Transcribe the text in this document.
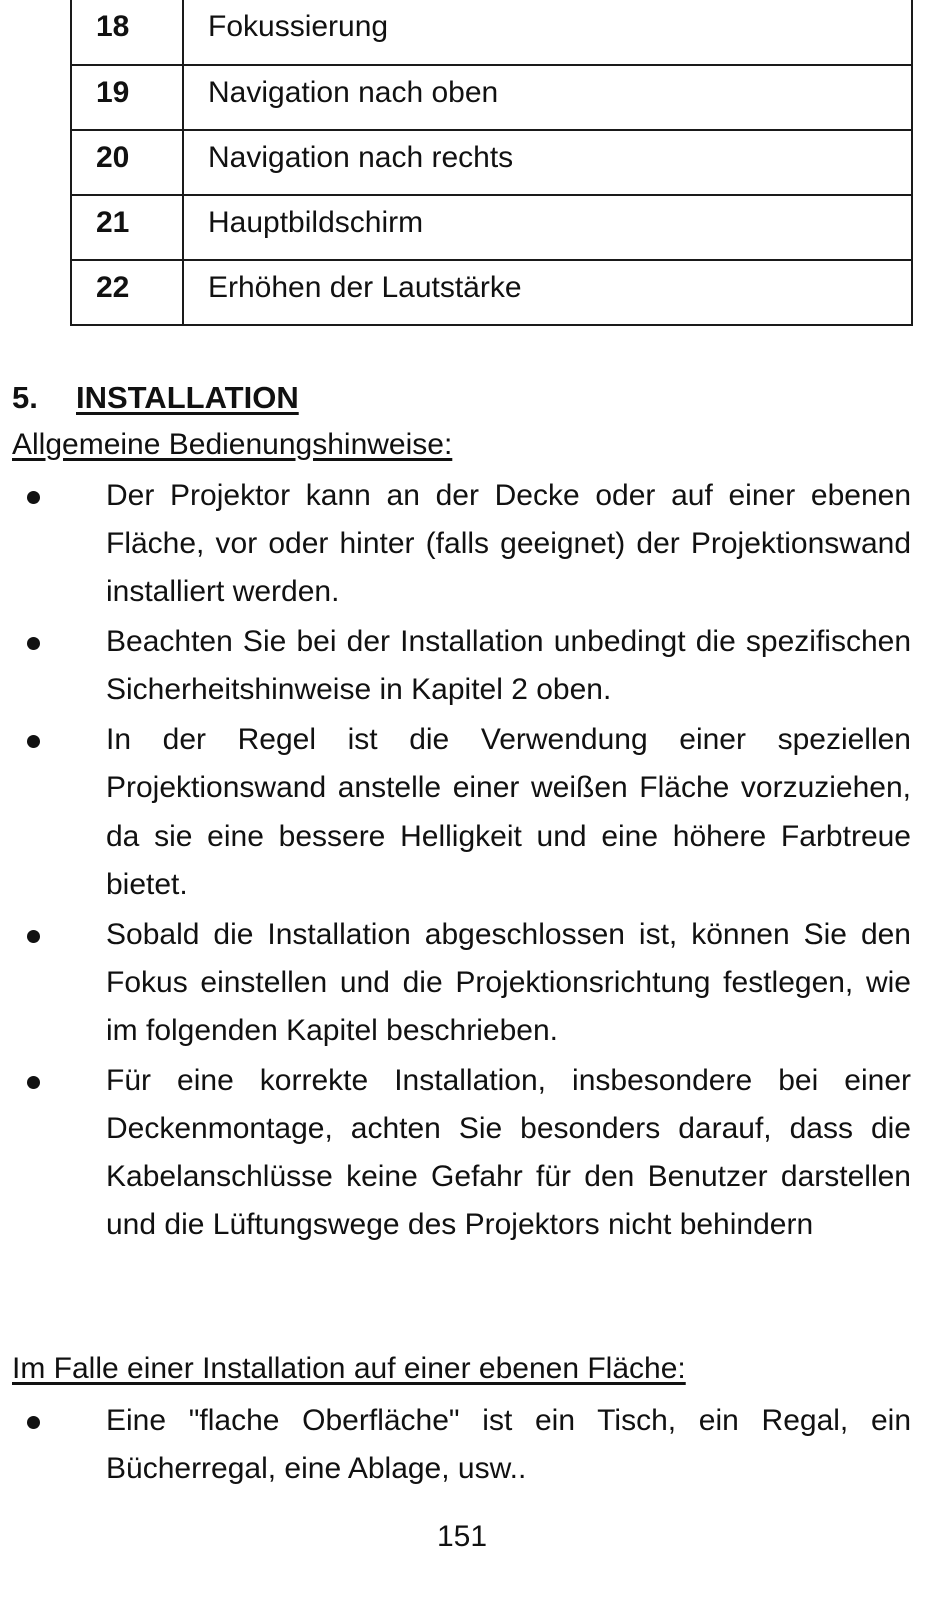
18	Fokussierung
19	Navigation nach oben
20	Navigation nach rechts
21	Hauptbildschirm
22	Erhöhen der Lautstärke
5. INSTALLATION
Allgemeine Bedienungshinweise:
Der Projektor kann an der Decke oder auf einer ebenen Fläche, vor oder hinter (falls geeignet) der Projektionswand installiert werden.
Beachten Sie bei der Installation unbedingt die spezifischen Sicherheitshinweise in Kapitel 2 oben.
In der Regel ist die Verwendung einer speziellen Projektionswand anstelle einer weißen Fläche vorzuziehen, da sie eine bessere Helligkeit und eine höhere Farbtreue bietet.
Sobald die Installation abgeschlossen ist, können Sie den Fokus einstellen und die Projektionsrichtung festlegen, wie im folgenden Kapitel beschrieben.
Für eine korrekte Installation, insbesondere bei einer Deckenmontage, achten Sie besonders darauf, dass die Kabelanschlüsse keine Gefahr für den Benutzer darstellen und die Lüftungswege des Projektors nicht behindern
Im Falle einer Installation auf einer ebenen Fläche:
Eine "flache Oberfläche" ist ein Tisch, ein Regal, ein Bücherregal, eine Ablage, usw..
151
